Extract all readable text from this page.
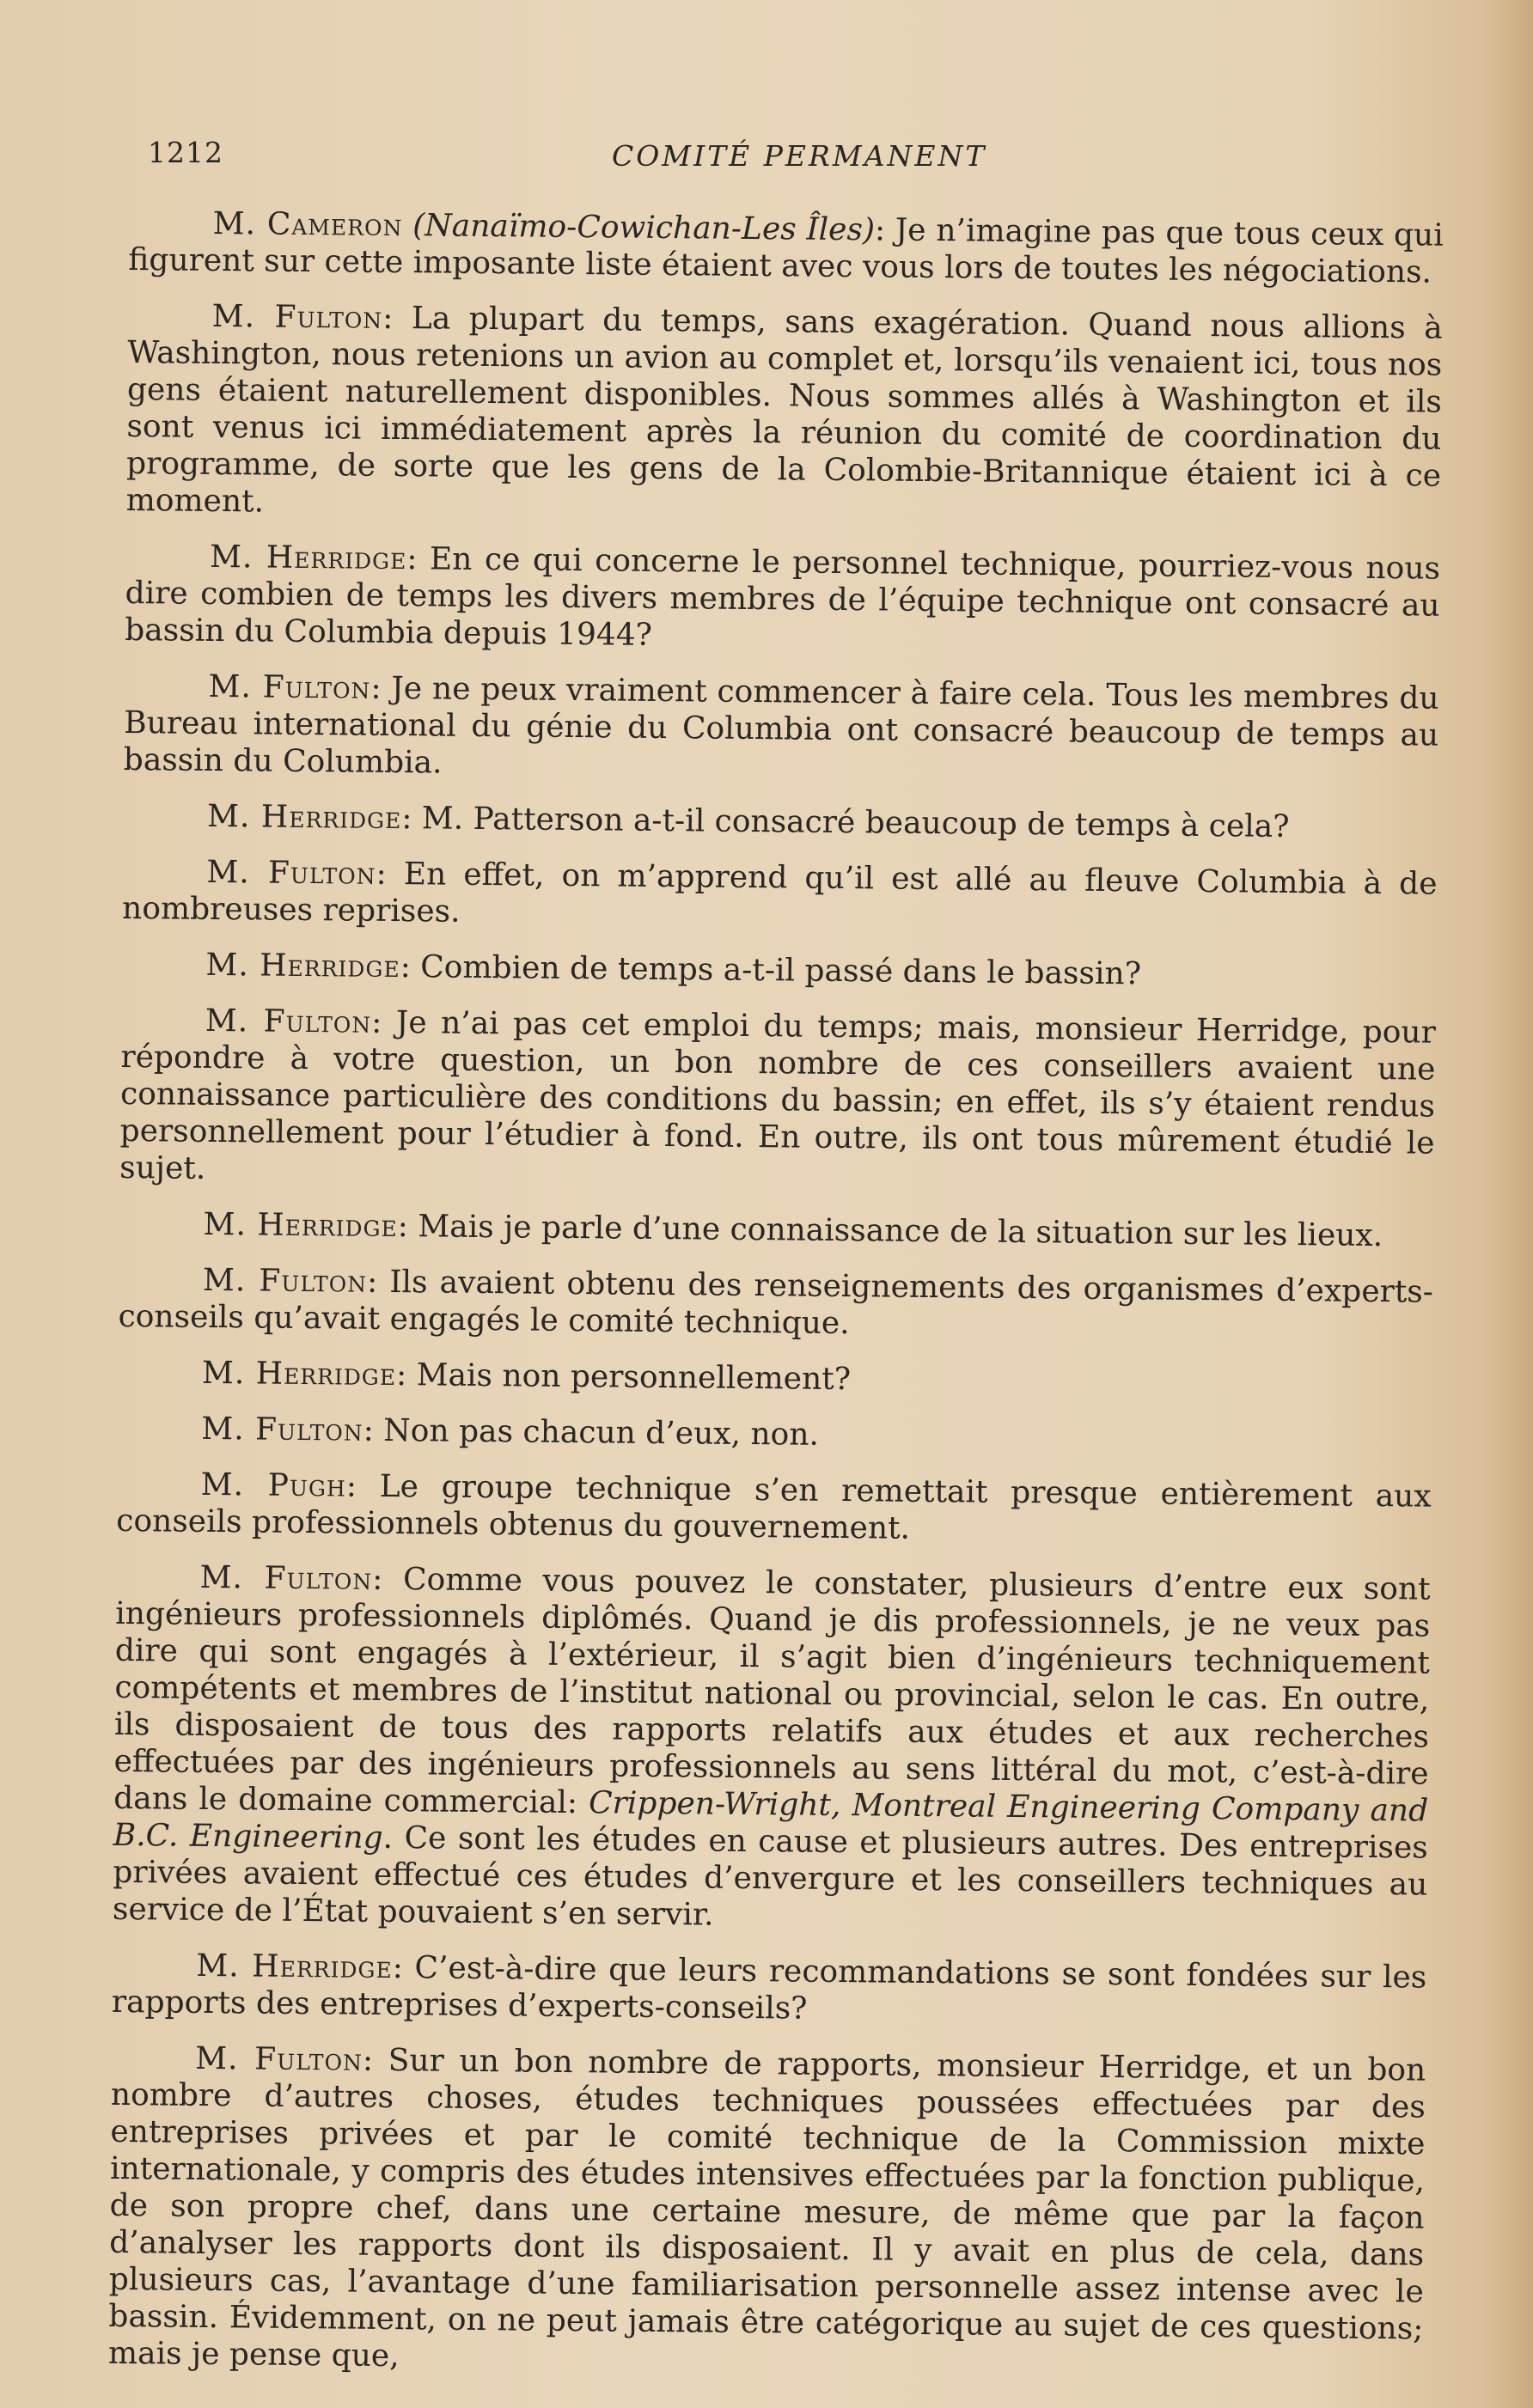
1212	COMITÉ PERMANENT

M. Cameron (Nanaïmo-Cowichan-Les Îles): Je n’imagine pas que tous ceux qui figurent sur cette imposante liste étaient avec vous lors de toutes les négociations.

M. Fulton: La plupart du temps, sans exagération. Quand nous allions à Washington, nous retenions un avion au complet et, lorsqu’ils venaient ici, tous nos gens étaient naturellement disponibles. Nous sommes allés à Washington et ils sont venus ici immédiatement après la réunion du comité de coordination du programme, de sorte que les gens de la Colombie-Britannique étaient ici à ce moment.

M. Herridge: En ce qui concerne le personnel technique, pourriez-vous nous dire combien de temps les divers membres de l’équipe technique ont consacré au bassin du Columbia depuis 1944?

M. Fulton: Je ne peux vraiment commencer à faire cela. Tous les membres du Bureau international du génie du Columbia ont consacré beaucoup de temps au bassin du Columbia.

M. Herridge: M. Patterson a-t-il consacré beaucoup de temps à cela?

M. Fulton: En effet, on m’apprend qu’il est allé au fleuve Columbia à de nombreuses reprises.

M. Herridge: Combien de temps a-t-il passé dans le bassin?

M. Fulton: Je n’ai pas cet emploi du temps; mais, monsieur Herridge, pour répondre à votre question, un bon nombre de ces conseillers avaient une connaissance particulière des conditions du bassin; en effet, ils s’y étaient rendus personnellement pour l’étudier à fond. En outre, ils ont tous mûrement étudié le sujet.

M. Herridge: Mais je parle d’une connaissance de la situation sur les lieux.

M. Fulton: Ils avaient obtenu des renseignements des organismes d’experts-conseils qu’avait engagés le comité technique.

M. Herridge: Mais non personnellement?

M. Fulton: Non pas chacun d’eux, non.

M. Pugh: Le groupe technique s’en remettait presque entièrement aux conseils professionnels obtenus du gouvernement.

M. Fulton: Comme vous pouvez le constater, plusieurs d’entre eux sont ingénieurs professionnels diplômés. Quand je dis professionnels, je ne veux pas dire qui sont engagés à l’extérieur, il s’agit bien d’ingénieurs techniquement compétents et membres de l’institut national ou provincial, selon le cas. En outre, ils disposaient de tous des rapports relatifs aux études et aux recherches effectuées par des ingénieurs professionnels au sens littéral du mot, c’est-à-dire dans le domaine commercial: Crippen-Wright, Montreal Engineering Company and B.C. Engineering. Ce sont les études en cause et plusieurs autres. Des entreprises privées avaient effectué ces études d’envergure et les conseillers techniques au service de l’État pouvaient s’en servir.

M. Herridge: C’est-à-dire que leurs recommandations se sont fondées sur les rapports des entreprises d’experts-conseils?

M. Fulton: Sur un bon nombre de rapports, monsieur Herridge, et un bon nombre d’autres choses, études techniques poussées effectuées par des entreprises privées et par le comité technique de la Commission mixte internationale, y compris des études intensives effectuées par la fonction publique, de son propre chef, dans une certaine mesure, de même que par la façon d’analyser les rapports dont ils disposaient. Il y avait en plus de cela, dans plusieurs cas, l’avantage d’une familiarisation personnelle assez intense avec le bassin. Évidemment, on ne peut jamais être catégorique au sujet de ces questions; mais je pense que,
